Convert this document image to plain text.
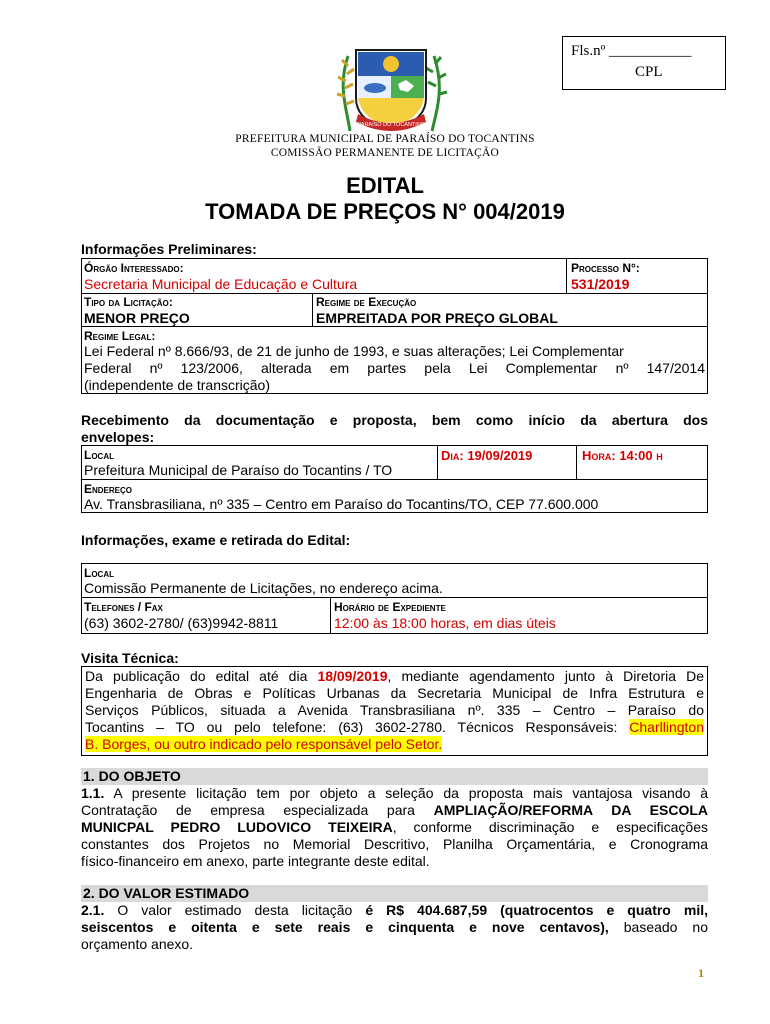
Fls.nº ___________
CPL
PARAÍSO DO TOCANTINS
PREFEITURA MUNICIPAL DE PARAÍSO DO TOCANTINS
COMISSÃO PERMANENTE DE LICITAÇÃO
EDITAL
TOMADA DE PREÇOS N° 004/2019
Informações Preliminares:
Órgão Interessado:
Secretaria Municipal de Educação e Cultura
Processo N°:
531/2019
Tipo da Licitação:
MENOR PREÇO
Regime de Execução
EMPREITADA POR PREÇO GLOBAL
Regime Legal:
Lei Federal nº 8.666/93, de 21 de junho de 1993, e suas alterações; Lei Complementar
Federal nº 123/2006, alterada em partes pela Lei Complementar nº 147/2014
(independente de transcrição)
Recebimento da documentação e proposta, bem como início da abertura dos
envelopes:
Local
Prefeitura Municipal de Paraíso do Tocantins / TO
Dia: 19/09/2019	Hora: 14:00 h
Endereço
Av. Transbrasiliana, nº 335 – Centro em Paraíso do Tocantins/TO, CEP 77.600.000
Informações, exame e retirada do Edital:
Local
Comissão Permanente de Licitações, no endereço acima.
Telefones / Fax
(63) 3602-2780/ (63)9942-8811
Horário de Expediente
12:00 às 18:00 horas, em dias úteis
Visita Técnica:
Da publicação do edital até dia 18/09/2019, mediante agendamento junto à Diretoria De
Engenharia de Obras e Políticas Urbanas da Secretaria Municipal de Infra Estrutura e
Serviços Públicos, situada a Avenida Transbrasiliana nº. 335 – Centro – Paraíso do
Tocantins – TO ou pelo telefone: (63) 3602-2780. Técnicos Responsáveis: Charllington
B. Borges, ou outro indicado pelo responsável pelo Setor.
1. DO OBJETO
1.1. A presente licitação tem por objeto a seleção da proposta mais vantajosa visando à
Contratação de empresa especializada para AMPLIAÇÃO/REFORMA DA ESCOLA
MUNICPAL PEDRO LUDOVICO TEIXEIRA, conforme discriminação e especificações
constantes dos Projetos no Memorial Descritivo, Planilha Orçamentária, e Cronograma
físico-financeiro em anexo, parte integrante deste edital.
2. DO VALOR ESTIMADO
2.1. O valor estimado desta licitação é R$ 404.687,59 (quatrocentos e quatro mil,
seiscentos e oitenta e sete reais e cinquenta e nove centavos), baseado no
orçamento anexo.
1
